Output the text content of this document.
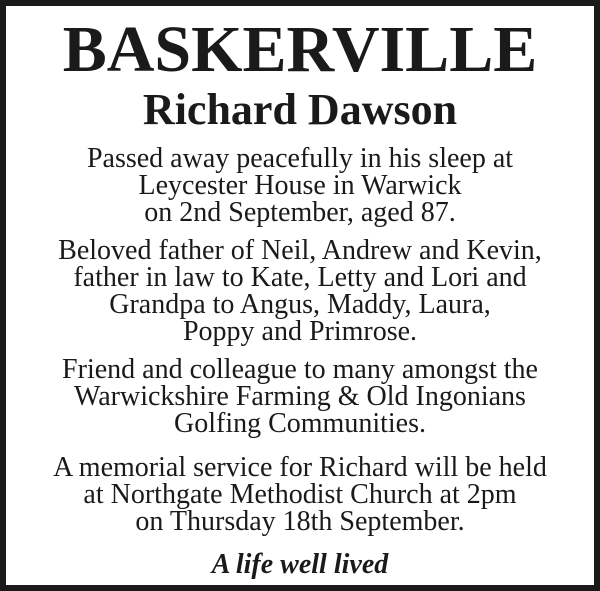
BASKERVILLE
Richard Dawson
Passed away peacefully in his sleep at
Leycester House in Warwick
on 2nd September, aged 87.
Beloved father of Neil, Andrew and Kevin,
father in law to Kate, Letty and Lori and
Grandpa to Angus, Maddy, Laura,
Poppy and Primrose.
Friend and colleague to many amongst the
Warwickshire Farming & Old Ingonians
Golfing Communities.
A memorial service for Richard will be held
at Northgate Methodist Church at 2pm
on Thursday 18th September.
A life well lived
